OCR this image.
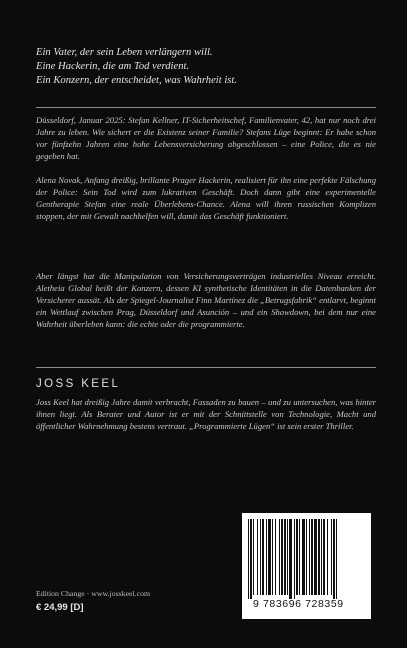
Ein Vater, der sein Leben verlängern will.
Eine Hackerin, die am Tod verdient.
Ein Konzern, der entscheidet, was Wahrheit ist.

Düsseldorf, Januar 2025: Stefan Kellner, IT-Sicherheitschef, Familienvater, 42, hat nur noch drei Jahre zu leben. Wie sichert er die Existenz seiner Familie? Stefans Lüge beginnt: Er habe schon vor fünfzehn Jahren eine hohe Lebensversicherung abgeschlossen – eine Police, die es nie gegeben hat.

Alena Novak, Anfang dreißig, brillante Prager Hackerin, realisiert für ihn eine perfekte Fälschung der Police: Sein Tod wird zum lukrativen Geschäft. Doch dann gibt eine experimentelle Gentherapie Stefan eine reale Überlebens-Chance. Alena will ihren russischen Komplizen stoppen, der mit Gewalt nachhelfen will, damit das Geschäft funktioniert.

Aber längst hat die Manipulation von Versicherungsverträgen industrielles Niveau erreicht. Aletheia Global heißt der Konzern, dessen KI synthetische Identitäten in die Datenbanken der Versicherer aussät. Als der Spiegel-Journalist Finn Martínez die „Betrugsfabrik“ entlarvt, beginnt ein Wettlauf zwischen Prag, Düsseldorf und Asunción – und ein Showdown, bei dem nur eine Wahrheit überleben kann: die echte oder die programmierte.

JOSS KEEL

Joss Keel hat dreißig Jahre damit verbracht, Fassaden zu bauen – und zu untersuchen, was hinter ihnen liegt. Als Berater und Autor ist er mit der Schnittstelle von Technologie, Macht und öffentlicher Wahrnehmung bestens vertraut. „Programmierte Lügen“ ist sein erster Thriller.

9 783696 728359
Edition Change · www.josskeel.com
€ 24,99 [D]
